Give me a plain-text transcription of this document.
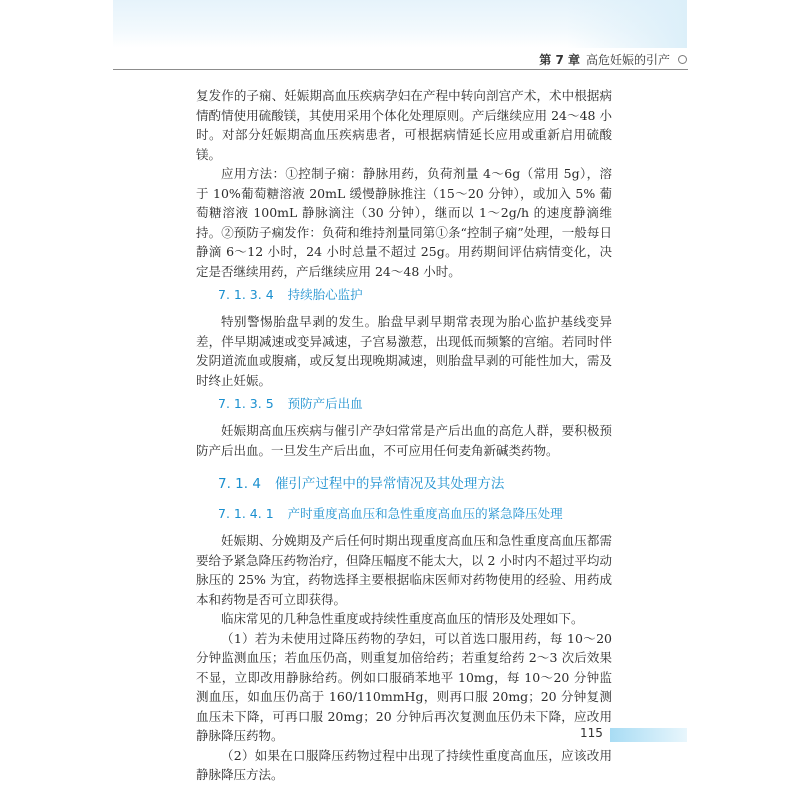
第 7 章 高危妊娠的引产

复发作的子痫、妊娠期高血压疾病孕妇在产程中转向剖宫产术，术中根据病情酌情使用硫酸镁，其使用采用个体化处理原则。产后继续应用 24～48 小时。对部分妊娠期高血压疾病患者，可根据病情延长应用或重新启用硫酸镁。

应用方法：①控制子痫：静脉用药，负荷剂量 4～6g（常用 5g），溶于 10%葡萄糖溶液 20mL 缓慢静脉推注（15～20 分钟），或加入 5% 葡萄糖溶液 100mL 静脉滴注（30 分钟），继而以 1～2g/h 的速度静滴维持。②预防子痫发作：负荷和维持剂量同第①条“控制子痫”处理，一般每日静滴 6～12 小时，24 小时总量不超过 25g。用药期间评估病情变化，决定是否继续用药，产后继续应用 24～48 小时。

7. 1. 3. 4 持续胎心监护

特别警惕胎盘早剥的发生。胎盘早剥早期常表现为胎心监护基线变异差，伴早期减速或变异减速，子宫易激惹，出现低而频繁的宫缩。若同时伴发阴道流血或腹痛，或反复出现晚期减速，则胎盘早剥的可能性加大，需及时终止妊娠。

7. 1. 3. 5 预防产后出血

妊娠期高血压疾病与催引产孕妇常常是产后出血的高危人群，要积极预防产后出血。一旦发生产后出血，不可应用任何麦角新碱类药物。

7. 1. 4 催引产过程中的异常情况及其处理方法
7. 1. 4. 1 产时重度高血压和急性重度高血压的紧急降压处理

妊娠期、分娩期及产后任何时期出现重度高血压和急性重度高血压都需要给予紧急降压药物治疗，但降压幅度不能太大，以 2 小时内不超过平均动脉压的 25% 为宜，药物选择主要根据临床医师对药物使用的经验、用药成本和药物是否可立即获得。

临床常见的几种急性重度或持续性重度高血压的情形及处理如下。

（1）若为未使用过降压药物的孕妇，可以首选口服用药，每 10～20 分钟监测血压；若血压仍高，则重复加倍给药；若重复给药 2～3 次后效果不显，立即改用静脉给药。例如口服硝苯地平 10mg，每 10～20 分钟监测血压，如血压仍高于 160/110mmHg，则再口服 20mg；20 分钟复测血压未下降，可再口服 20mg；20 分钟后再次复测血压仍未下降，应改用静脉降压药物。

（2）如果在口服降压药物过程中出现了持续性重度高血压，应该改用静脉降压方法。

115
